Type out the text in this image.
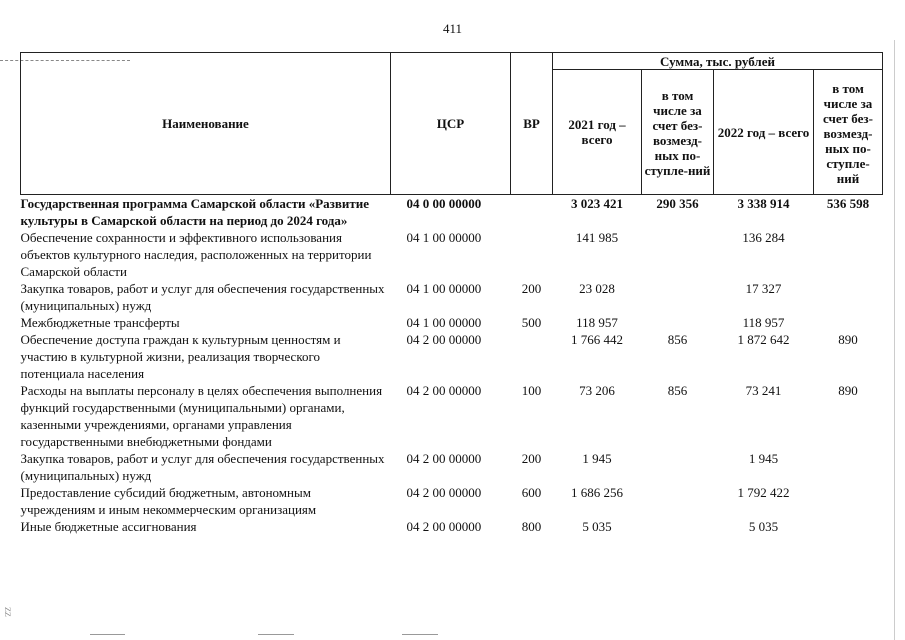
411
Наименование	ЦСР	ВР	Сумма, тыс. рублей			
			2021 год – всего	в том числе за счет без-возмезд-ных по-ступле-ний	2022 год – всего	в том числе за счет без-возмезд-ных по-ступле-ний
Государственная программа Самарской области «Развитие культуры в Самарской области на период до 2024 года»	04 0 00 00000		3 023 421	290 356	3 338 914	536 598
Обеспечение сохранности и эффективного использования объектов культурного наследия, расположенных на территории Самарской области	04 1 00 00000		141 985		136 284	
Закупка товаров, работ и услуг для обеспечения государственных (муниципальных) нужд	04 1 00 00000	200	23 028		17 327	
Межбюджетные трансферты	04 1 00 00000	500	118 957		118 957	
Обеспечение доступа граждан к культурным ценностям и участию в культурной жизни, реализация творческого потенциала населения	04 2 00 00000		1 766 442	856	1 872 642	890
Расходы на выплаты персоналу в целях обеспечения выполнения функций государственными (муниципальными) органами, казенными учреждениями, органами управления государственными внебюджетными фондами	04 2 00 00000	100	73 206	856	73 241	890
Закупка товаров, работ и услуг для обеспечения государственных (муниципальных) нужд	04 2 00 00000	200	1 945		1 945	
Предоставление субсидий бюджетным, автономным учреждениям и иным некоммерческим организациям	04 2 00 00000	600	1 686 256		1 792 422	
Иные бюджетные ассигнования	04 2 00 00000	800	5 035		5 035	
ZZ
